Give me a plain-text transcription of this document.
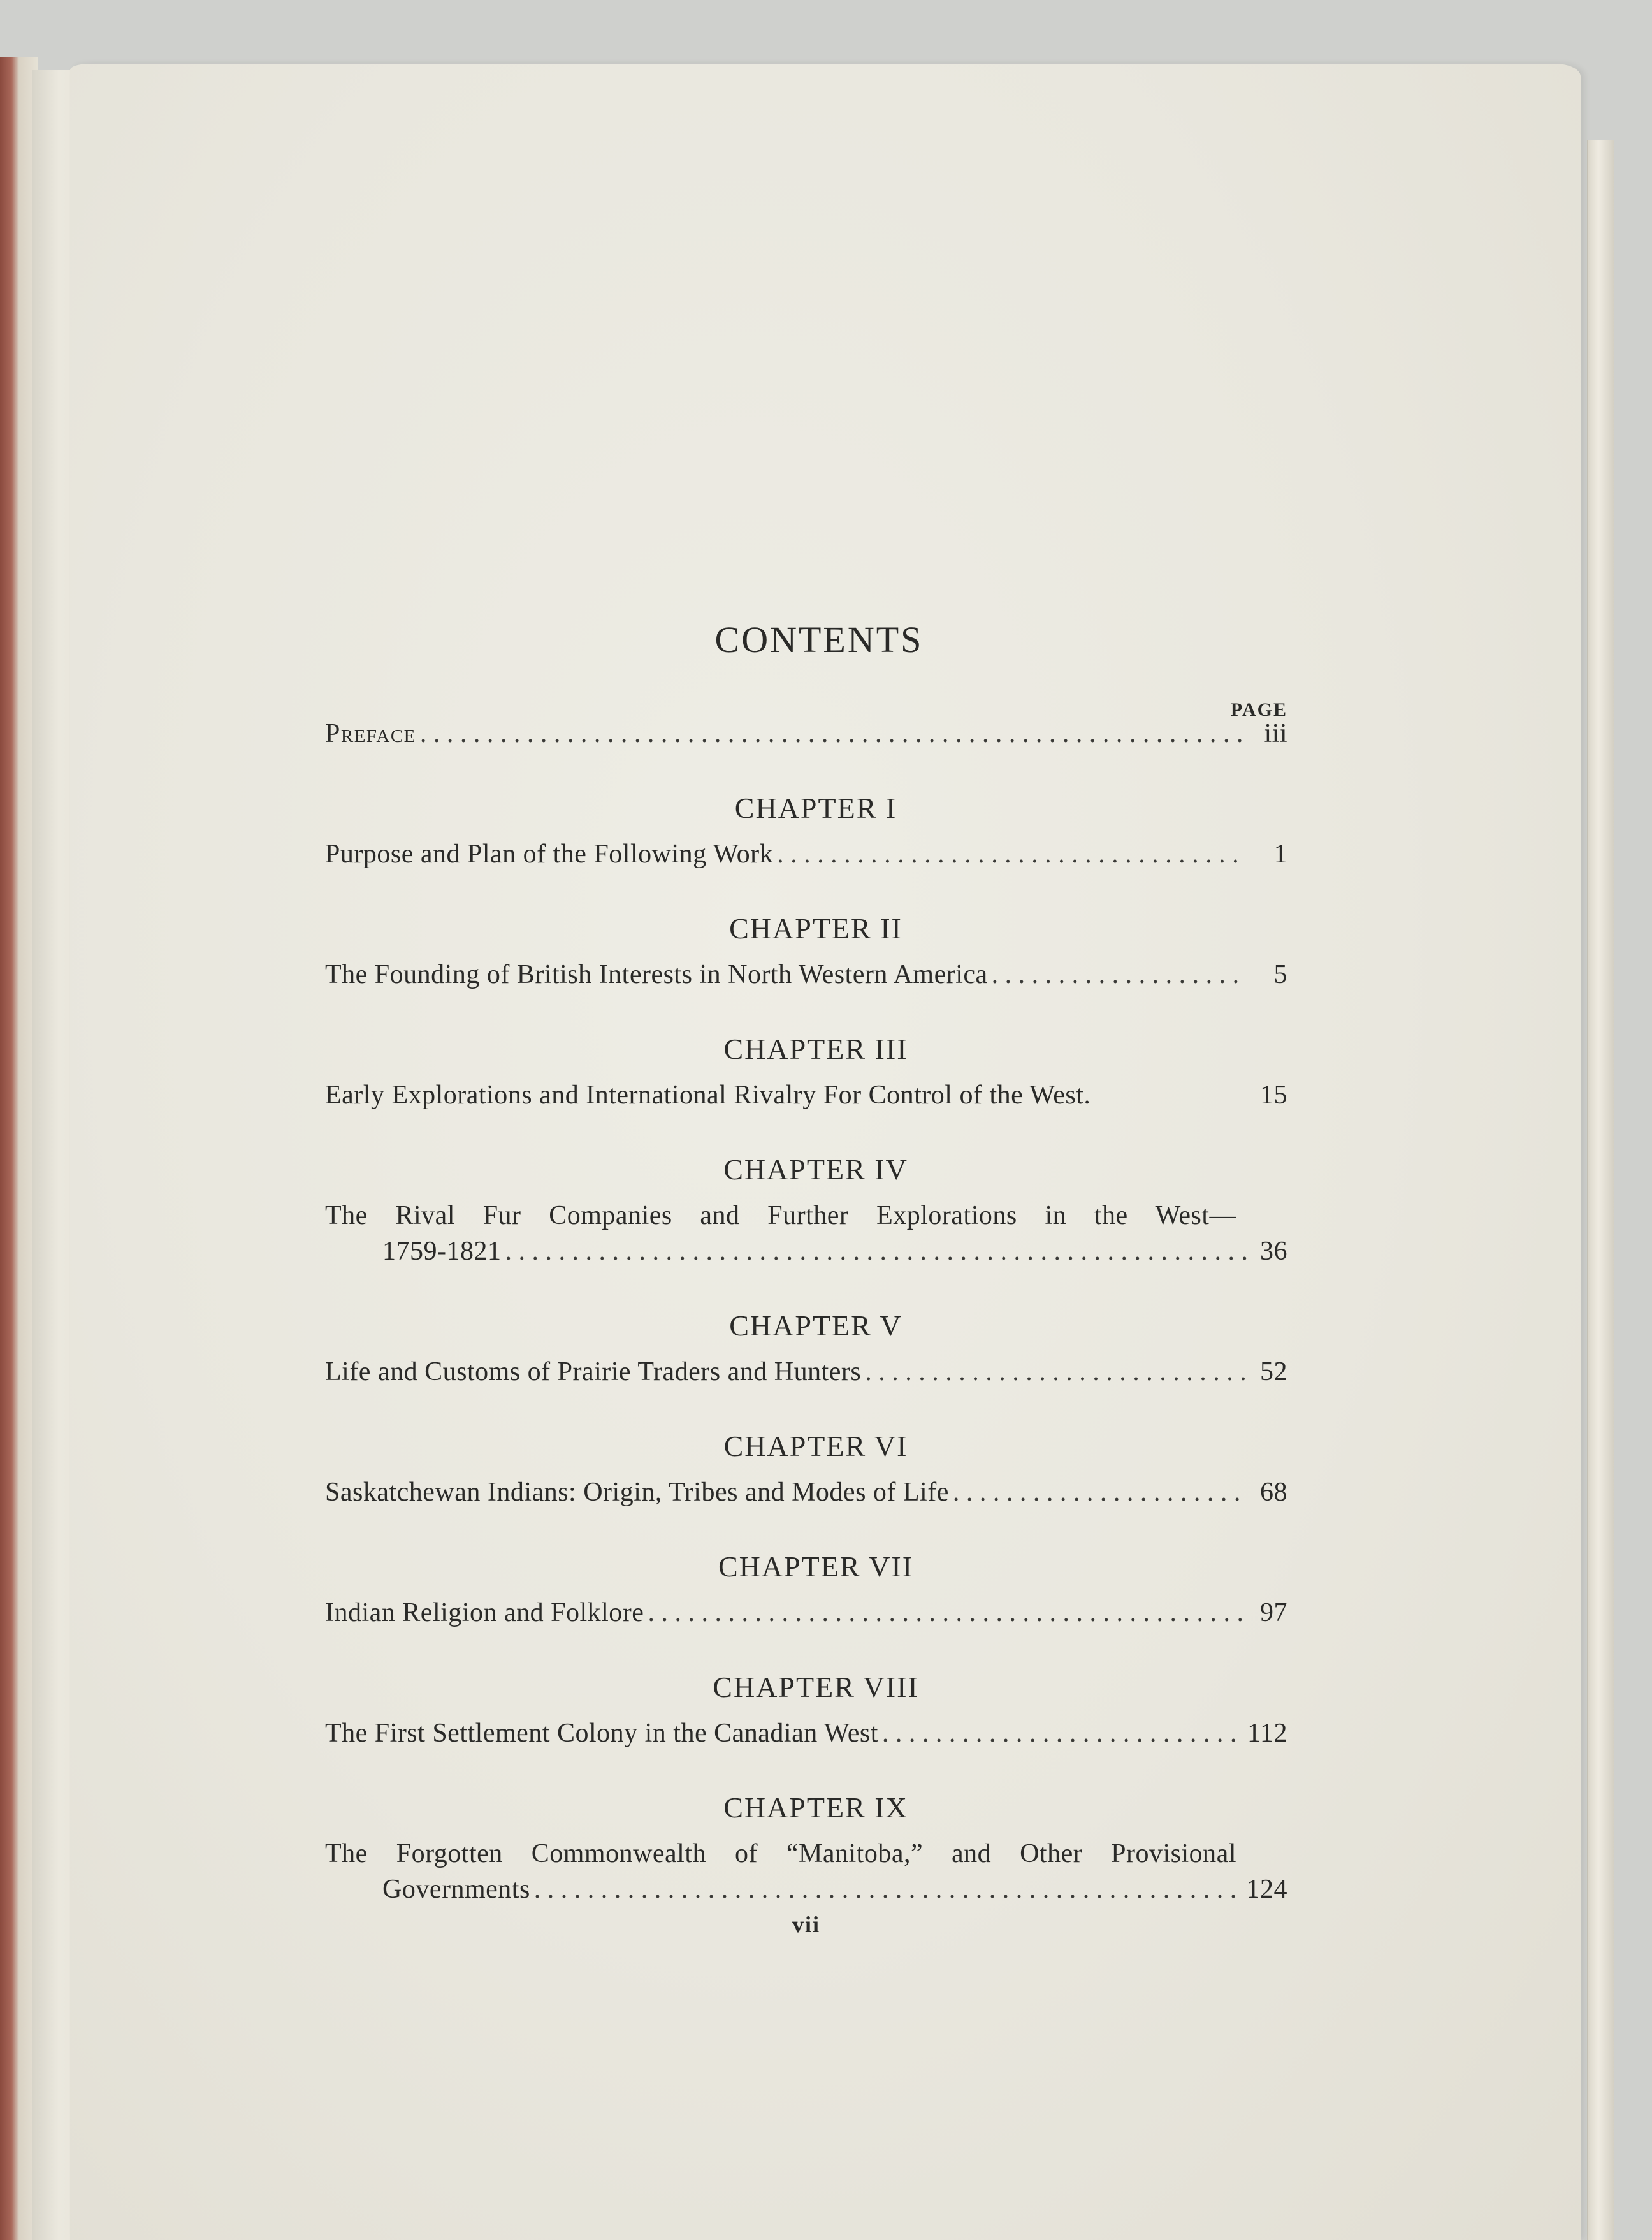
CONTENTS
PAGE
Preface . . .	iii
CHAPTER I
Purpose and Plan of the Following Work . . .	1
CHAPTER II
The Founding of British Interests in North Western America . . .	5
CHAPTER III
Early Explorations and International Rivalry For Control of the West.	15
CHAPTER IV
The Rival Fur Companies and Further Explorations in the West—
1759-1821 . . .	36
CHAPTER V
Life and Customs of Prairie Traders and Hunters . . .	52
CHAPTER VI
Saskatchewan Indians: Origin, Tribes and Modes of Life . . .	68
CHAPTER VII
Indian Religion and Folklore . . .	97
CHAPTER VIII
The First Settlement Colony in the Canadian West . . .	112
CHAPTER IX
The Forgotten Commonwealth of “Manitoba,” and Other Provisional
Governments . . .	124
vii
